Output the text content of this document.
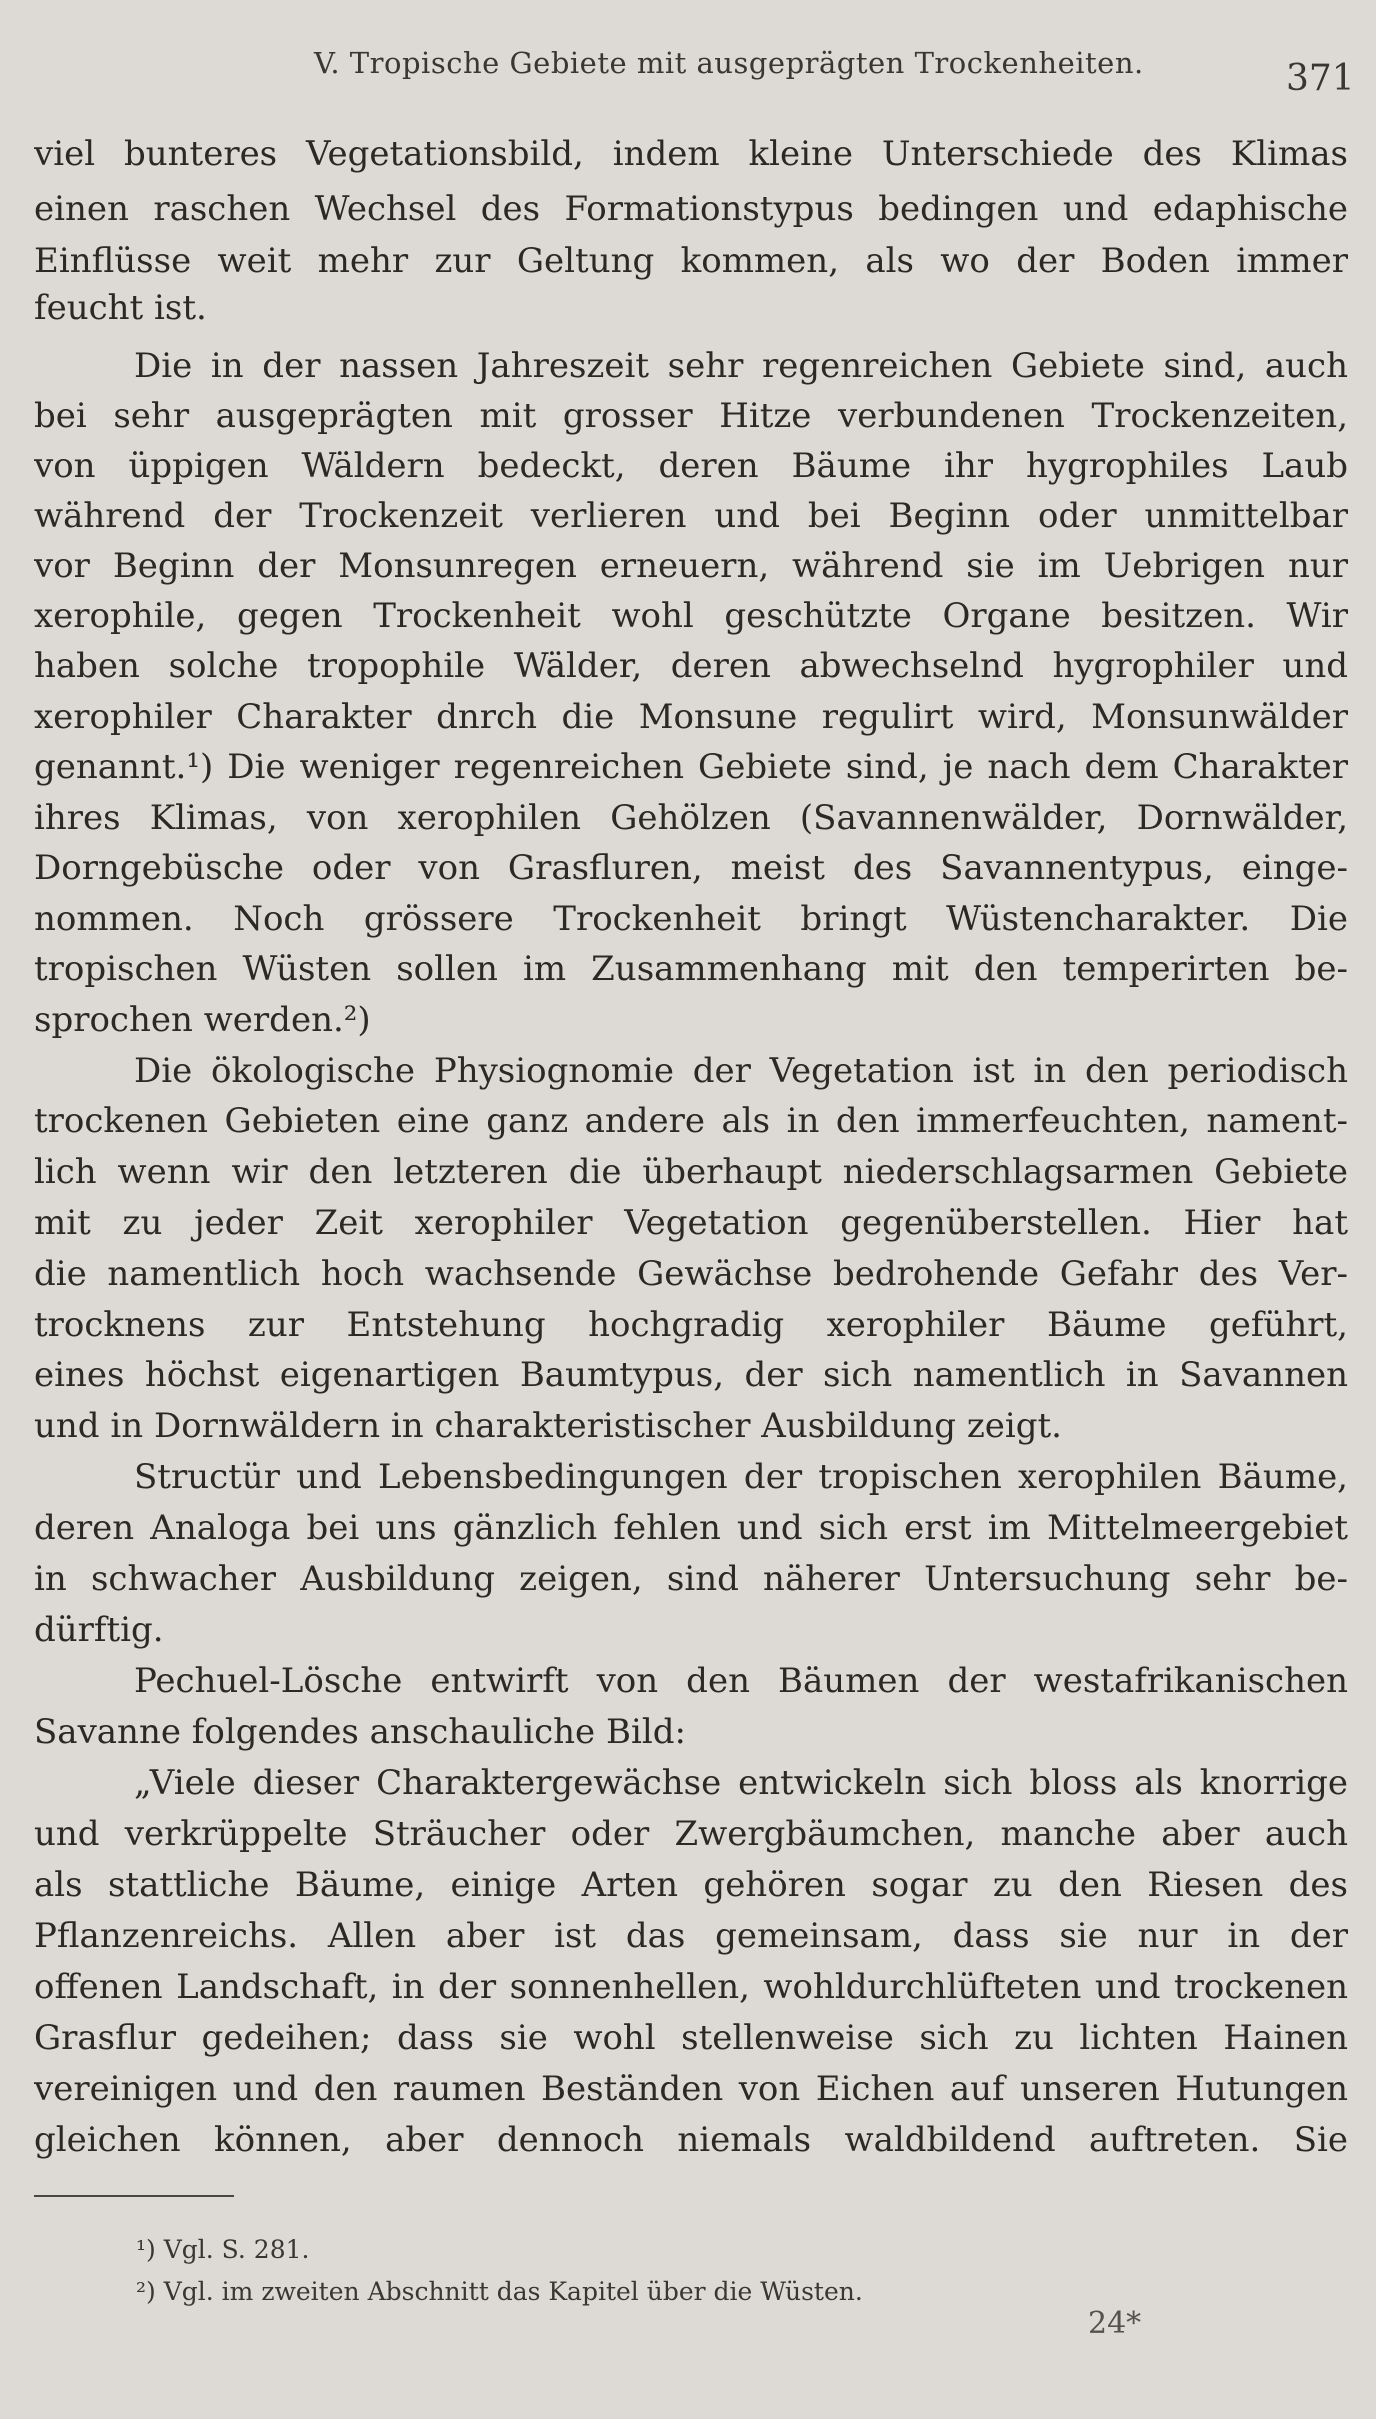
V. Tropische Gebiete mit ausgeprägten Trockenheiten.	371
viel bunteres Vegetationsbild, indem kleine Unterschiede des Klimas
einen raschen Wechsel des Formationstypus bedingen und edaphische
Einflüsse weit mehr zur Geltung kommen, als wo der Boden immer
feucht ist.
Die in der nassen Jahreszeit sehr regenreichen Gebiete sind, auch
bei sehr ausgeprägten mit grosser Hitze verbundenen Trockenzeiten,
von üppigen Wäldern bedeckt, deren Bäume ihr hygrophiles Laub
während der Trockenzeit verlieren und bei Beginn oder unmittelbar
vor Beginn der Monsunregen erneuern, während sie im Uebrigen nur
xerophile, gegen Trockenheit wohl geschützte Organe besitzen. Wir
haben solche tropophile Wälder, deren abwechselnd hygrophiler und
xerophiler Charakter dnrch die Monsune regulirt wird, Monsunwälder
genannt.¹) Die weniger regenreichen Gebiete sind, je nach dem Charakter
ihres Klimas, von xerophilen Gehölzen (Savannenwälder, Dornwälder,
Dorngebüsche oder von Grasfluren, meist des Savannentypus, einge-
nommen. Noch grössere Trockenheit bringt Wüstencharakter. Die
tropischen Wüsten sollen im Zusammenhang mit den temperirten be-
sprochen werden.²)
Die ökologische Physiognomie der Vegetation ist in den periodisch
trockenen Gebieten eine ganz andere als in den immerfeuchten, nament-
lich wenn wir den letzteren die überhaupt niederschlagsarmen Gebiete
mit zu jeder Zeit xerophiler Vegetation gegenüberstellen. Hier hat
die namentlich hoch wachsende Gewächse bedrohende Gefahr des Ver-
trocknens zur Entstehung hochgradig xerophiler Bäume geführt,
eines höchst eigenartigen Baumtypus, der sich namentlich in Savannen
und in Dornwäldern in charakteristischer Ausbildung zeigt.
Structür und Lebensbedingungen der tropischen xerophilen Bäume,
deren Analoga bei uns gänzlich fehlen und sich erst im Mittelmeergebiet
in schwacher Ausbildung zeigen, sind näherer Untersuchung sehr be-
dürftig.
Pechuel-Lösche entwirft von den Bäumen der westafrikanischen
Savanne folgendes anschauliche Bild:
„Viele dieser Charaktergewächse entwickeln sich bloss als knorrige
und verkrüppelte Sträucher oder Zwergbäumchen, manche aber auch
als stattliche Bäume, einige Arten gehören sogar zu den Riesen des
Pflanzenreichs. Allen aber ist das gemeinsam, dass sie nur in der
offenen Landschaft, in der sonnenhellen, wohldurchlüfteten und trockenen
Grasflur gedeihen; dass sie wohl stellenweise sich zu lichten Hainen
vereinigen und den raumen Beständen von Eichen auf unseren Hutungen
gleichen können, aber dennoch niemals waldbildend auftreten. Sie
¹) Vgl. S. 281.
²) Vgl. im zweiten Abschnitt das Kapitel über die Wüsten.
24*
